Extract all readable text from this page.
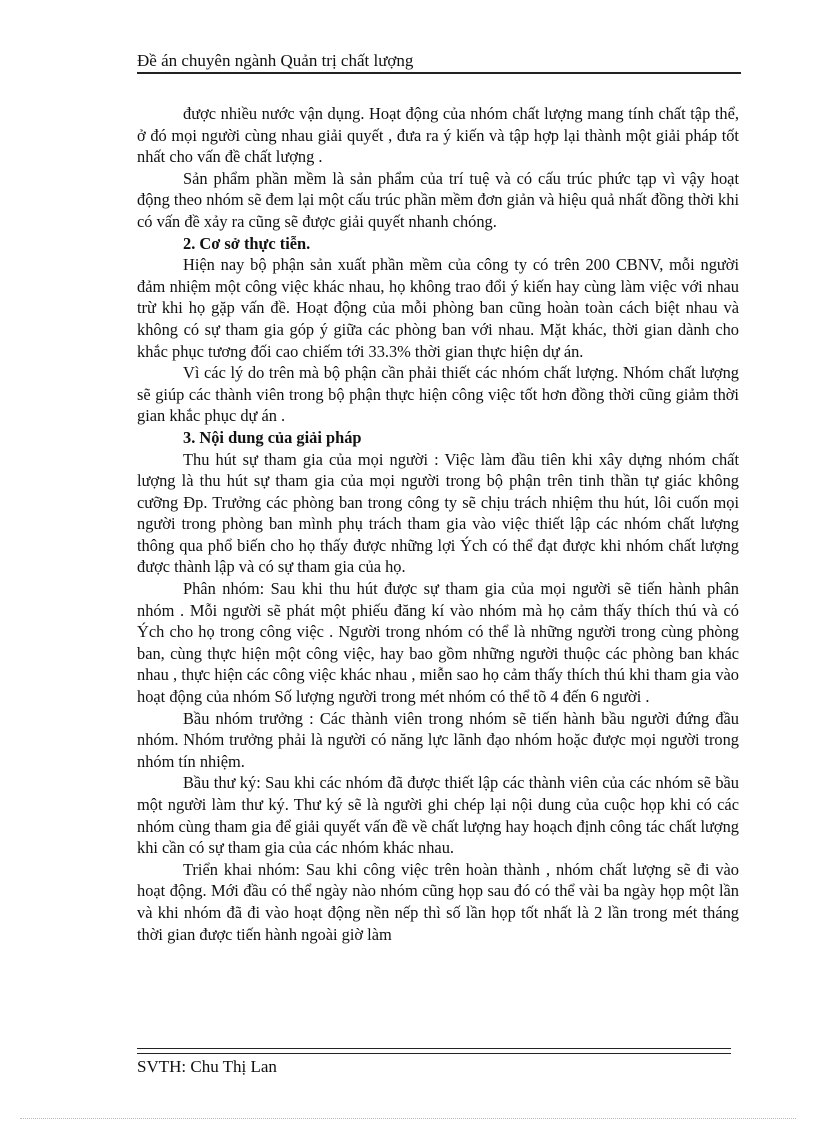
Đề án chuyên ngành Quản trị chất lượng

được nhiều nước vận dụng. Hoạt động của nhóm chất lượng mang tính chất tập thể, ở đó mọi người cùng nhau giải quyết , đưa ra ý kiến và tập hợp lại thành một giải pháp tốt nhất cho vấn đề chất lượng .

Sản phẩm phần mềm là sản phẩm của trí tuệ và có cấu trúc phức tạp vì vậy hoạt động theo nhóm sẽ đem lại một cấu trúc phần mềm đơn giản và hiệu quả nhất đồng thời khi có vấn đề xảy ra cũng sẽ được giải quyết nhanh chóng.

2. Cơ sở thực tiễn.

Hiện nay bộ phận sản xuất phần mềm của công ty có trên 200 CBNV, mỗi người đảm nhiệm một công việc khác nhau, họ không trao đổi ý kiến hay cùng làm việc với nhau trừ khi họ gặp vấn đề. Hoạt động của mỗi phòng ban cũng hoàn toàn cách biệt nhau và không có sự tham gia góp ý giữa các phòng ban với nhau. Mặt khác, thời gian dành cho khắc phục tương đối cao chiếm tới 33.3% thời gian thực hiện dự án.

Vì các lý do trên mà bộ phận cần phải thiết các nhóm chất lượng. Nhóm chất lượng sẽ giúp các thành viên trong bộ phận thực hiện công việc tốt hơn đồng thời cũng giảm thời gian khắc phục dự án .

3. Nội dung của giải pháp

Thu hút sự tham gia của mọi người : Việc làm đầu tiên khi xây dựng nhóm chất lượng là thu hút sự tham gia của mọi người trong bộ phận trên tinh thần tự giác không cưỡng Đp. Trưởng các phòng ban trong công ty sẽ chịu trách nhiệm thu hút, lôi cuốn mọi người trong phòng ban mình phụ trách tham gia vào việc thiết lập các nhóm chất lượng thông qua phổ biến cho họ thấy được những lợi Ých có thể đạt được khi nhóm chất lượng được thành lập và có sự tham gia của họ.

Phân nhóm: Sau khi thu hút được sự tham gia của mọi người sẽ tiến hành phân nhóm . Mỗi người sẽ phát một phiếu đăng kí vào nhóm mà họ cảm thấy thích thú và có Ých cho họ trong công việc . Người trong nhóm có thể là những người trong cùng phòng ban, cùng thực hiện một công việc, hay bao gồm những người thuộc các phòng ban khác nhau , thực hiện các công việc khác nhau , miễn sao họ cảm thấy thích thú khi tham gia vào hoạt động của nhóm Số lượng người trong mét nhóm có thể tõ 4 đến 6 người .

Bầu nhóm trưởng : Các thành viên trong nhóm sẽ tiến hành bầu người đứng đầu nhóm. Nhóm trưởng phải là người có năng lực lãnh đạo nhóm hoặc được mọi người trong nhóm tín nhiệm.

Bầu thư ký: Sau khi các nhóm đã được thiết lập các thành viên của các nhóm sẽ bầu một người làm thư ký. Thư ký sẽ là người ghi chép lại nội dung của cuộc họp khi có các nhóm cùng tham gia để giải quyết vấn đề về chất lượng hay hoạch định công tác chất lượng khi cần có sự tham gia của các nhóm khác nhau.

Triển khai nhóm: Sau khi công việc trên hoàn thành , nhóm chất lượng sẽ đi vào hoạt động. Mới đầu có thể ngày nào nhóm cũng họp sau đó có thể vài ba ngày họp một lần và khi nhóm đã đi vào hoạt động nền nếp thì số lần họp tốt nhất là 2 lần trong mét tháng thời gian được tiến hành ngoài giờ làm

SVTH: Chu Thị Lan
